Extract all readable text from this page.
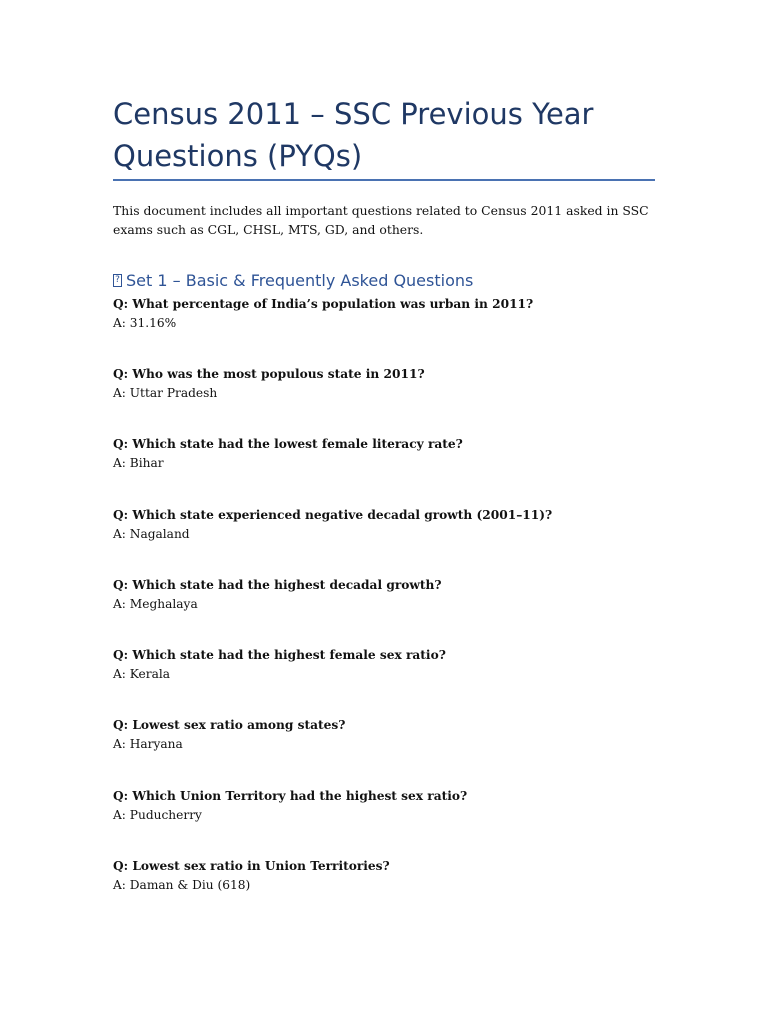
Census 2011 – SSC Previous Year Questions (PYQs)

This document includes all important questions related to Census 2011 asked in SSC exams such as CGL, CHSL, MTS, GD, and others.

?Set 1 – Basic & Frequently Asked Questions
Q: What percentage of India’s population was urban in 2011?
A: 31.16%
Q: Who was the most populous state in 2011?
A: Uttar Pradesh
Q: Which state had the lowest female literacy rate?
A: Bihar
Q: Which state experienced negative decadal growth (2001–11)?
A: Nagaland
Q: Which state had the highest decadal growth?
A: Meghalaya
Q: Which state had the highest female sex ratio?
A: Kerala
Q: Lowest sex ratio among states?
A: Haryana
Q: Which Union Territory had the highest sex ratio?
A: Puducherry
Q: Lowest sex ratio in Union Territories?
A: Daman & Diu (618)
